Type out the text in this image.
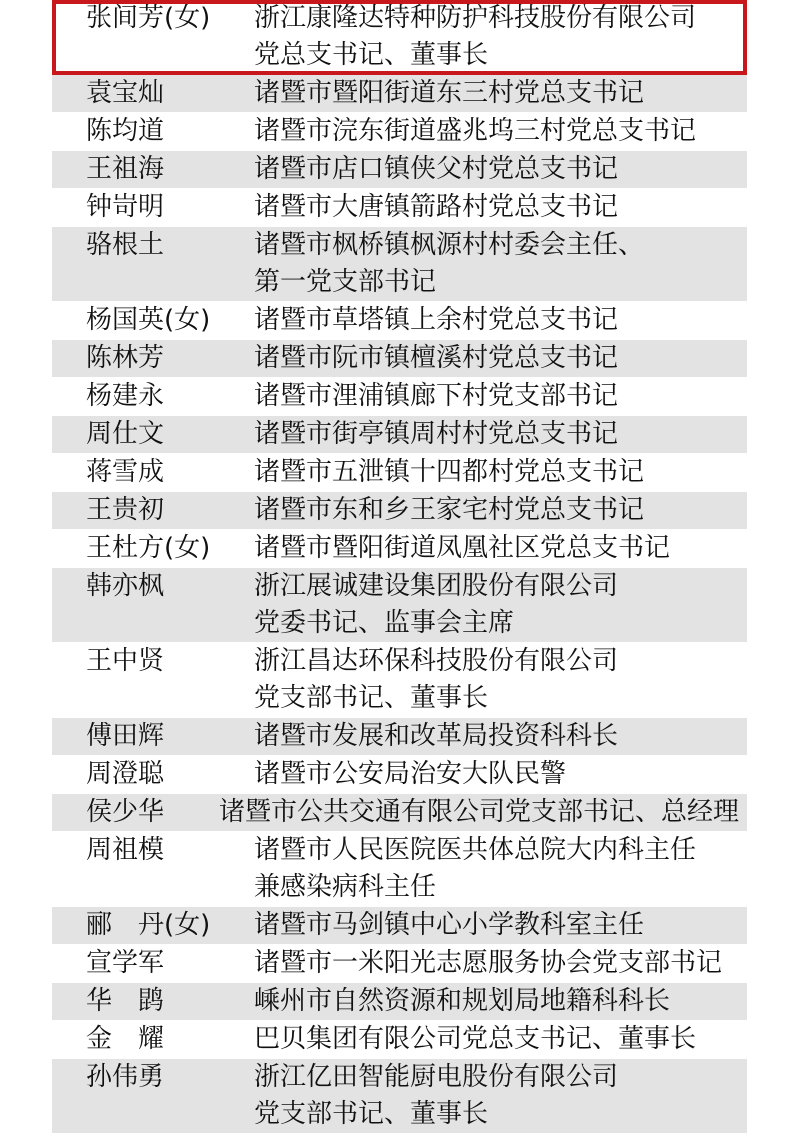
张间芳(女)	浙江康隆达特种防护科技股份有限公司
党总支书记、董事长
袁宝灿	诸暨市暨阳街道东三村党总支书记
陈均道	诸暨市浣东街道盛兆坞三村党总支书记
王祖海	诸暨市店口镇侠父村党总支书记
钟岢明	诸暨市大唐镇箭路村党总支书记
骆根土	诸暨市枫桥镇枫源村村委会主任、
第一党支部书记
杨国英(女)	诸暨市草塔镇上余村党总支书记
陈林芳	诸暨市阮市镇檀溪村党总支书记
杨建永	诸暨市浬浦镇廊下村党支部书记
周仕文	诸暨市街亭镇周村村党总支书记
蒋雪成	诸暨市五泄镇十四都村党总支书记
王贵初	诸暨市东和乡王家宅村党总支书记
王杜方(女)	诸暨市暨阳街道凤凰社区党总支书记
韩亦枫	浙江展诚建设集团股份有限公司
党委书记、监事会主席
王中贤	浙江昌达环保科技股份有限公司
党支部书记、董事长
傅田辉	诸暨市发展和改革局投资科科长
周澄聪	诸暨市公安局治安大队民警
侯少华	诸暨市公共交通有限公司党支部书记、总经理
周祖模	诸暨市人民医院医共体总院大内科主任
兼感染病科主任
郦　丹(女)	诸暨市马剑镇中心小学教科室主任
宣学军	诸暨市一米阳光志愿服务协会党支部书记
华　鹍	嵊州市自然资源和规划局地籍科科长
金　耀	巴贝集团有限公司党总支书记、董事长
孙伟勇	浙江亿田智能厨电股份有限公司
党支部书记、董事长
